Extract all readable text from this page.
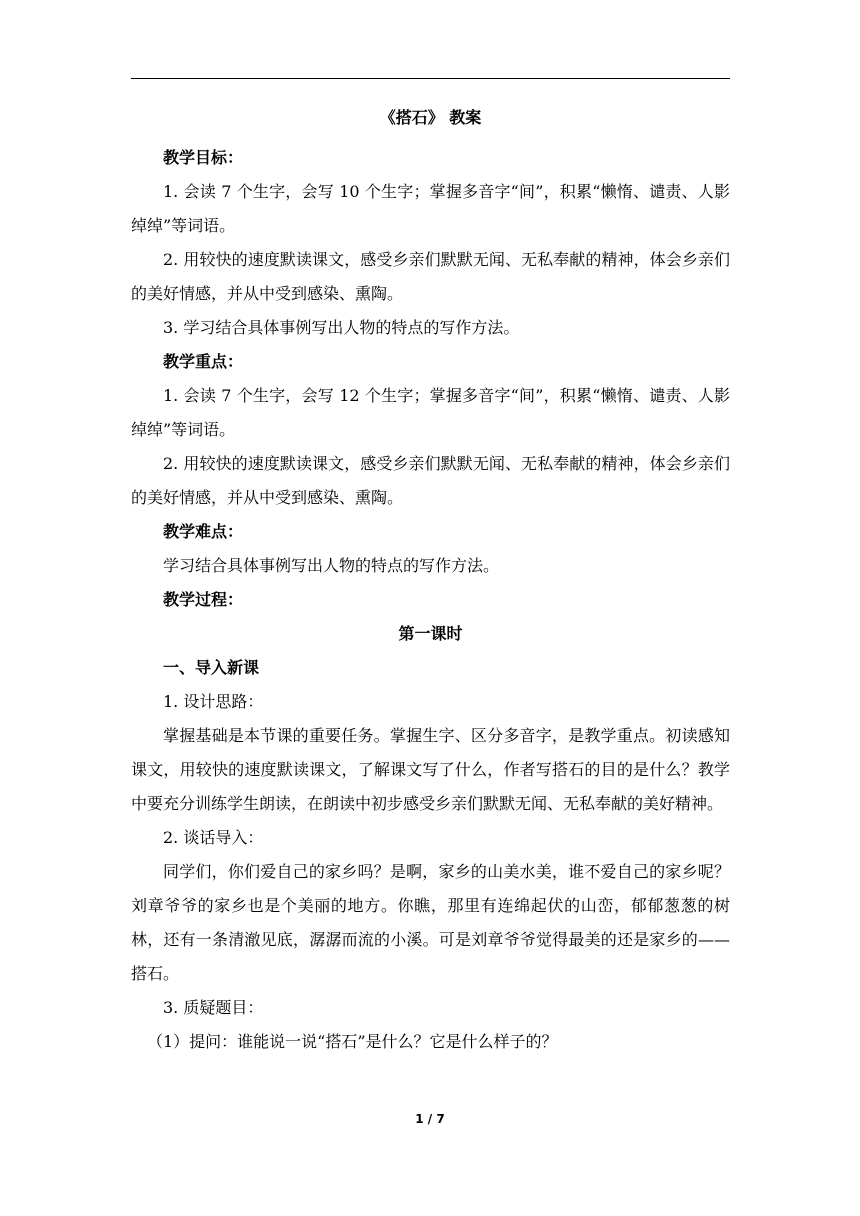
《搭石》 教案

教学目标：

1. 会读 7 个生字，会写 10 个生字；掌握多音字“间”，积累“懒惰、谴责、人影绰绰”等词语。

2. 用较快的速度默读课文，感受乡亲们默默无闻、无私奉献的精神，体会乡亲们的美好情感，并从中受到感染、熏陶。

3. 学习结合具体事例写出人物的特点的写作方法。

教学重点：

1. 会读 7 个生字，会写 12 个生字；掌握多音字“间”，积累“懒惰、谴责、人影绰绰”等词语。

2. 用较快的速度默读课文，感受乡亲们默默无闻、无私奉献的精神，体会乡亲们的美好情感，并从中受到感染、熏陶。

教学难点：

学习结合具体事例写出人物的特点的写作方法。

教学过程：

第一课时

一、导入新课

1. 设计思路：

掌握基础是本节课的重要任务。掌握生字、区分多音字，是教学重点。初读感知课文，用较快的速度默读课文，了解课文写了什么，作者写搭石的目的是什么？教学中要充分训练学生朗读，在朗读中初步感受乡亲们默默无闻、无私奉献的美好精神。

2. 谈话导入：

同学们，你们爱自己的家乡吗？是啊，家乡的山美水美，谁不爱自己的家乡呢？刘章爷爷的家乡也是个美丽的地方。你瞧，那里有连绵起伏的山峦，郁郁葱葱的树林，还有一条清澈见底，潺潺而流的小溪。可是刘章爷爷觉得最美的还是家乡的——搭石。

3. 质疑题目：

（1）提问：谁能说一说“搭石”是什么？它是什么样子的？

1 / 7
